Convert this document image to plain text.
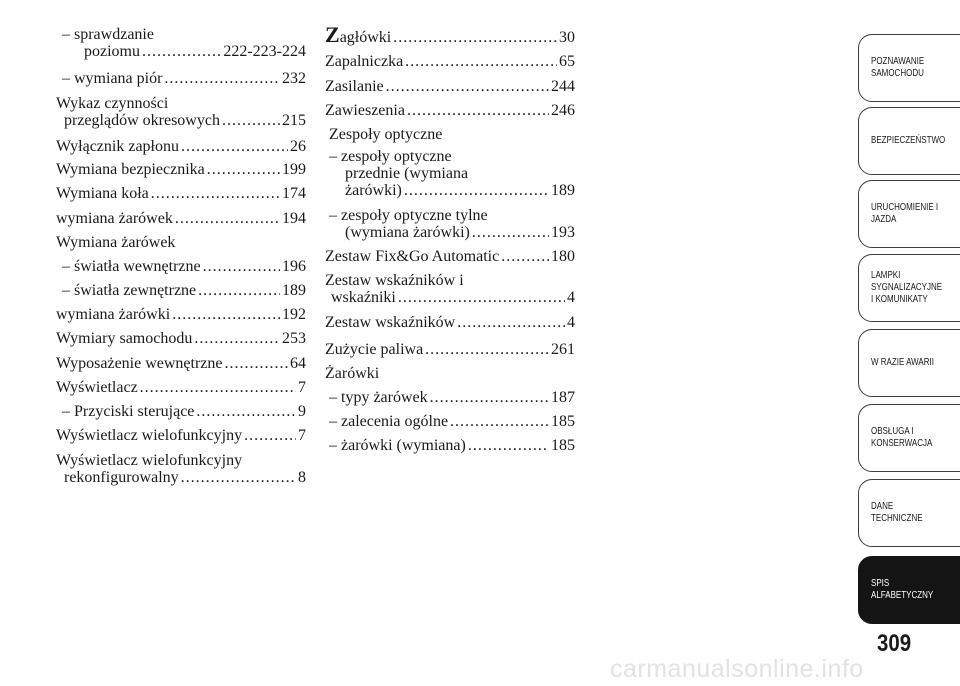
– sprawdzanie
poziomu .....	222-223-224
– wymiana piór .....	232
Wykaz czynności
przeglądów okresowych .....	215
Wyłącznik zapłonu .....	26
Wymiana bezpiecznika .....	199
Wymiana koła .....	174
wymiana żarówek .....	194
Wymiana żarówek
– światła wewnętrzne .....	196
– światła zewnętrzne .....	189
wymiana żarówki .....	192
Wymiary samochodu .....	253
Wyposażenie wewnętrzne .....	64
Wyświetlacz .....	7
– Przyciski sterujące .....	9
Wyświetlacz wielofunkcyjny .....	7
Wyświetlacz wielofunkcyjny
rekonfigurowalny .....	8
Zagłówki .....	30
Zapalniczka .....	65
Zasilanie .....	244
Zawieszenia .....	246
Zespoły optyczne
– zespoły optyczne
przednie (wymiana
żarówki) .....	189
– zespoły optyczne tylne
(wymiana żarówki) .....	193
Zestaw Fix&Go Automatic .....	180
Zestaw wskaźników i
wskaźniki .....	4
Zestaw wskaźników .....	4
Zużycie paliwa .....	261
Żarówki
– typy żarówek .....	187
– zalecenia ogólne .....	185
– żarówki (wymiana) .....	185
POZNAWANIE
SAMOCHODU
BEZPIECZEŃSTWO
URUCHOMIENIE I
JAZDA
LAMPKI
SYGNALIZACYJNE
I KOMUNIKATY
W RAZIE AWARII
OBSŁUGA I
KONSERWACJA
DANE
TECHNICZNE
SPIS
ALFABETYCZNY
309
carmanualsonline.info
